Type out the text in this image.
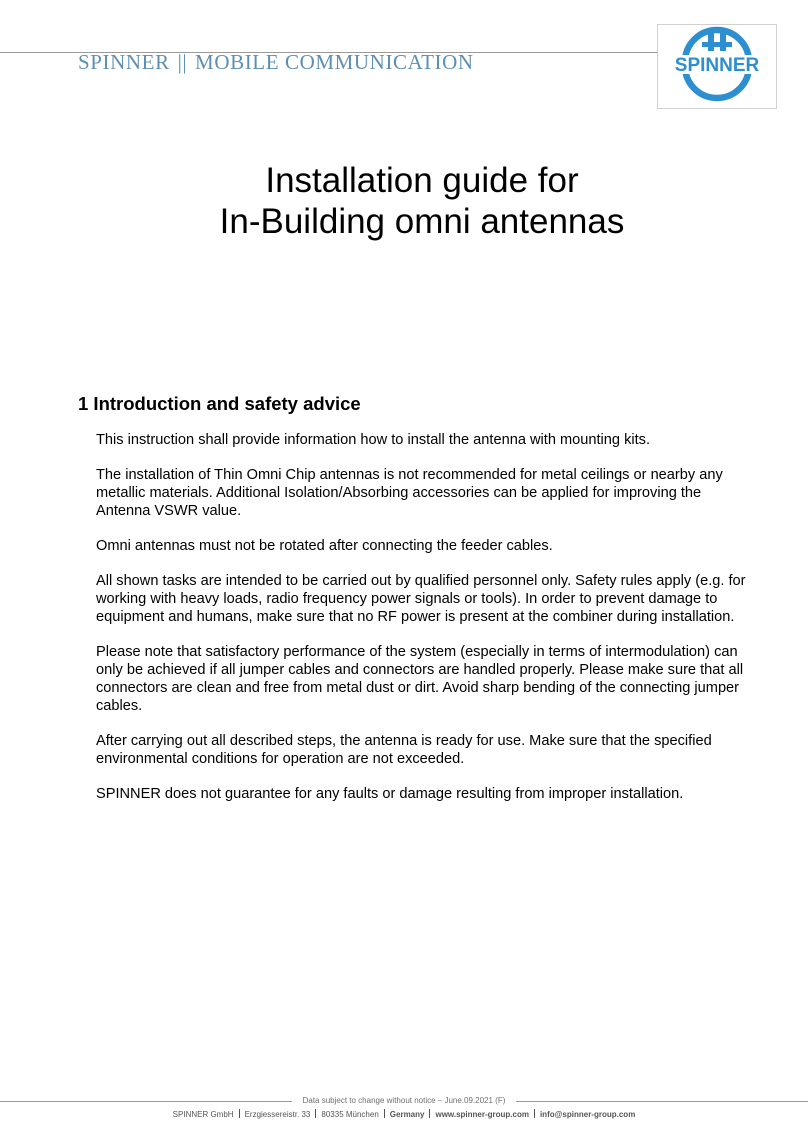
SPINNER || MOBILE COMMUNICATION	SPINNER
Installation guide for
In-Building omni antennas
1 Introduction and safety advice

This instruction shall provide information how to install the antenna with mounting kits.

The installation of Thin Omni Chip antennas is not recommended for metal ceilings or nearby any metallic materials. Additional Isolation/Absorbing accessories can be applied for improving the Antenna VSWR value.

Omni antennas must not be rotated after connecting the feeder cables.

All shown tasks are intended to be carried out by qualified personnel only. Safety rules apply (e.g. for working with heavy loads, radio frequency power signals or tools). In order to prevent damage to equipment and humans, make sure that no RF power is present at the combiner during installation.

Please note that satisfactory performance of the system (especially in terms of intermodulation) can only be achieved if all jumper cables and connectors are handled properly. Please make sure that all connectors are clean and free from metal dust or dirt. Avoid sharp bending of the connecting jumper cables.

After carrying out all described steps, the antenna is ready for use. Make sure that the specified environmental conditions for operation are not exceeded.

SPINNER does not guarantee for any faults or damage resulting from improper installation.

Data subject to change without notice – June.09.2021 (F)
SPINNER GmbH Erzgiessereistr. 33 80335 München Germany www.spinner-group.com info@spinner-group.com
